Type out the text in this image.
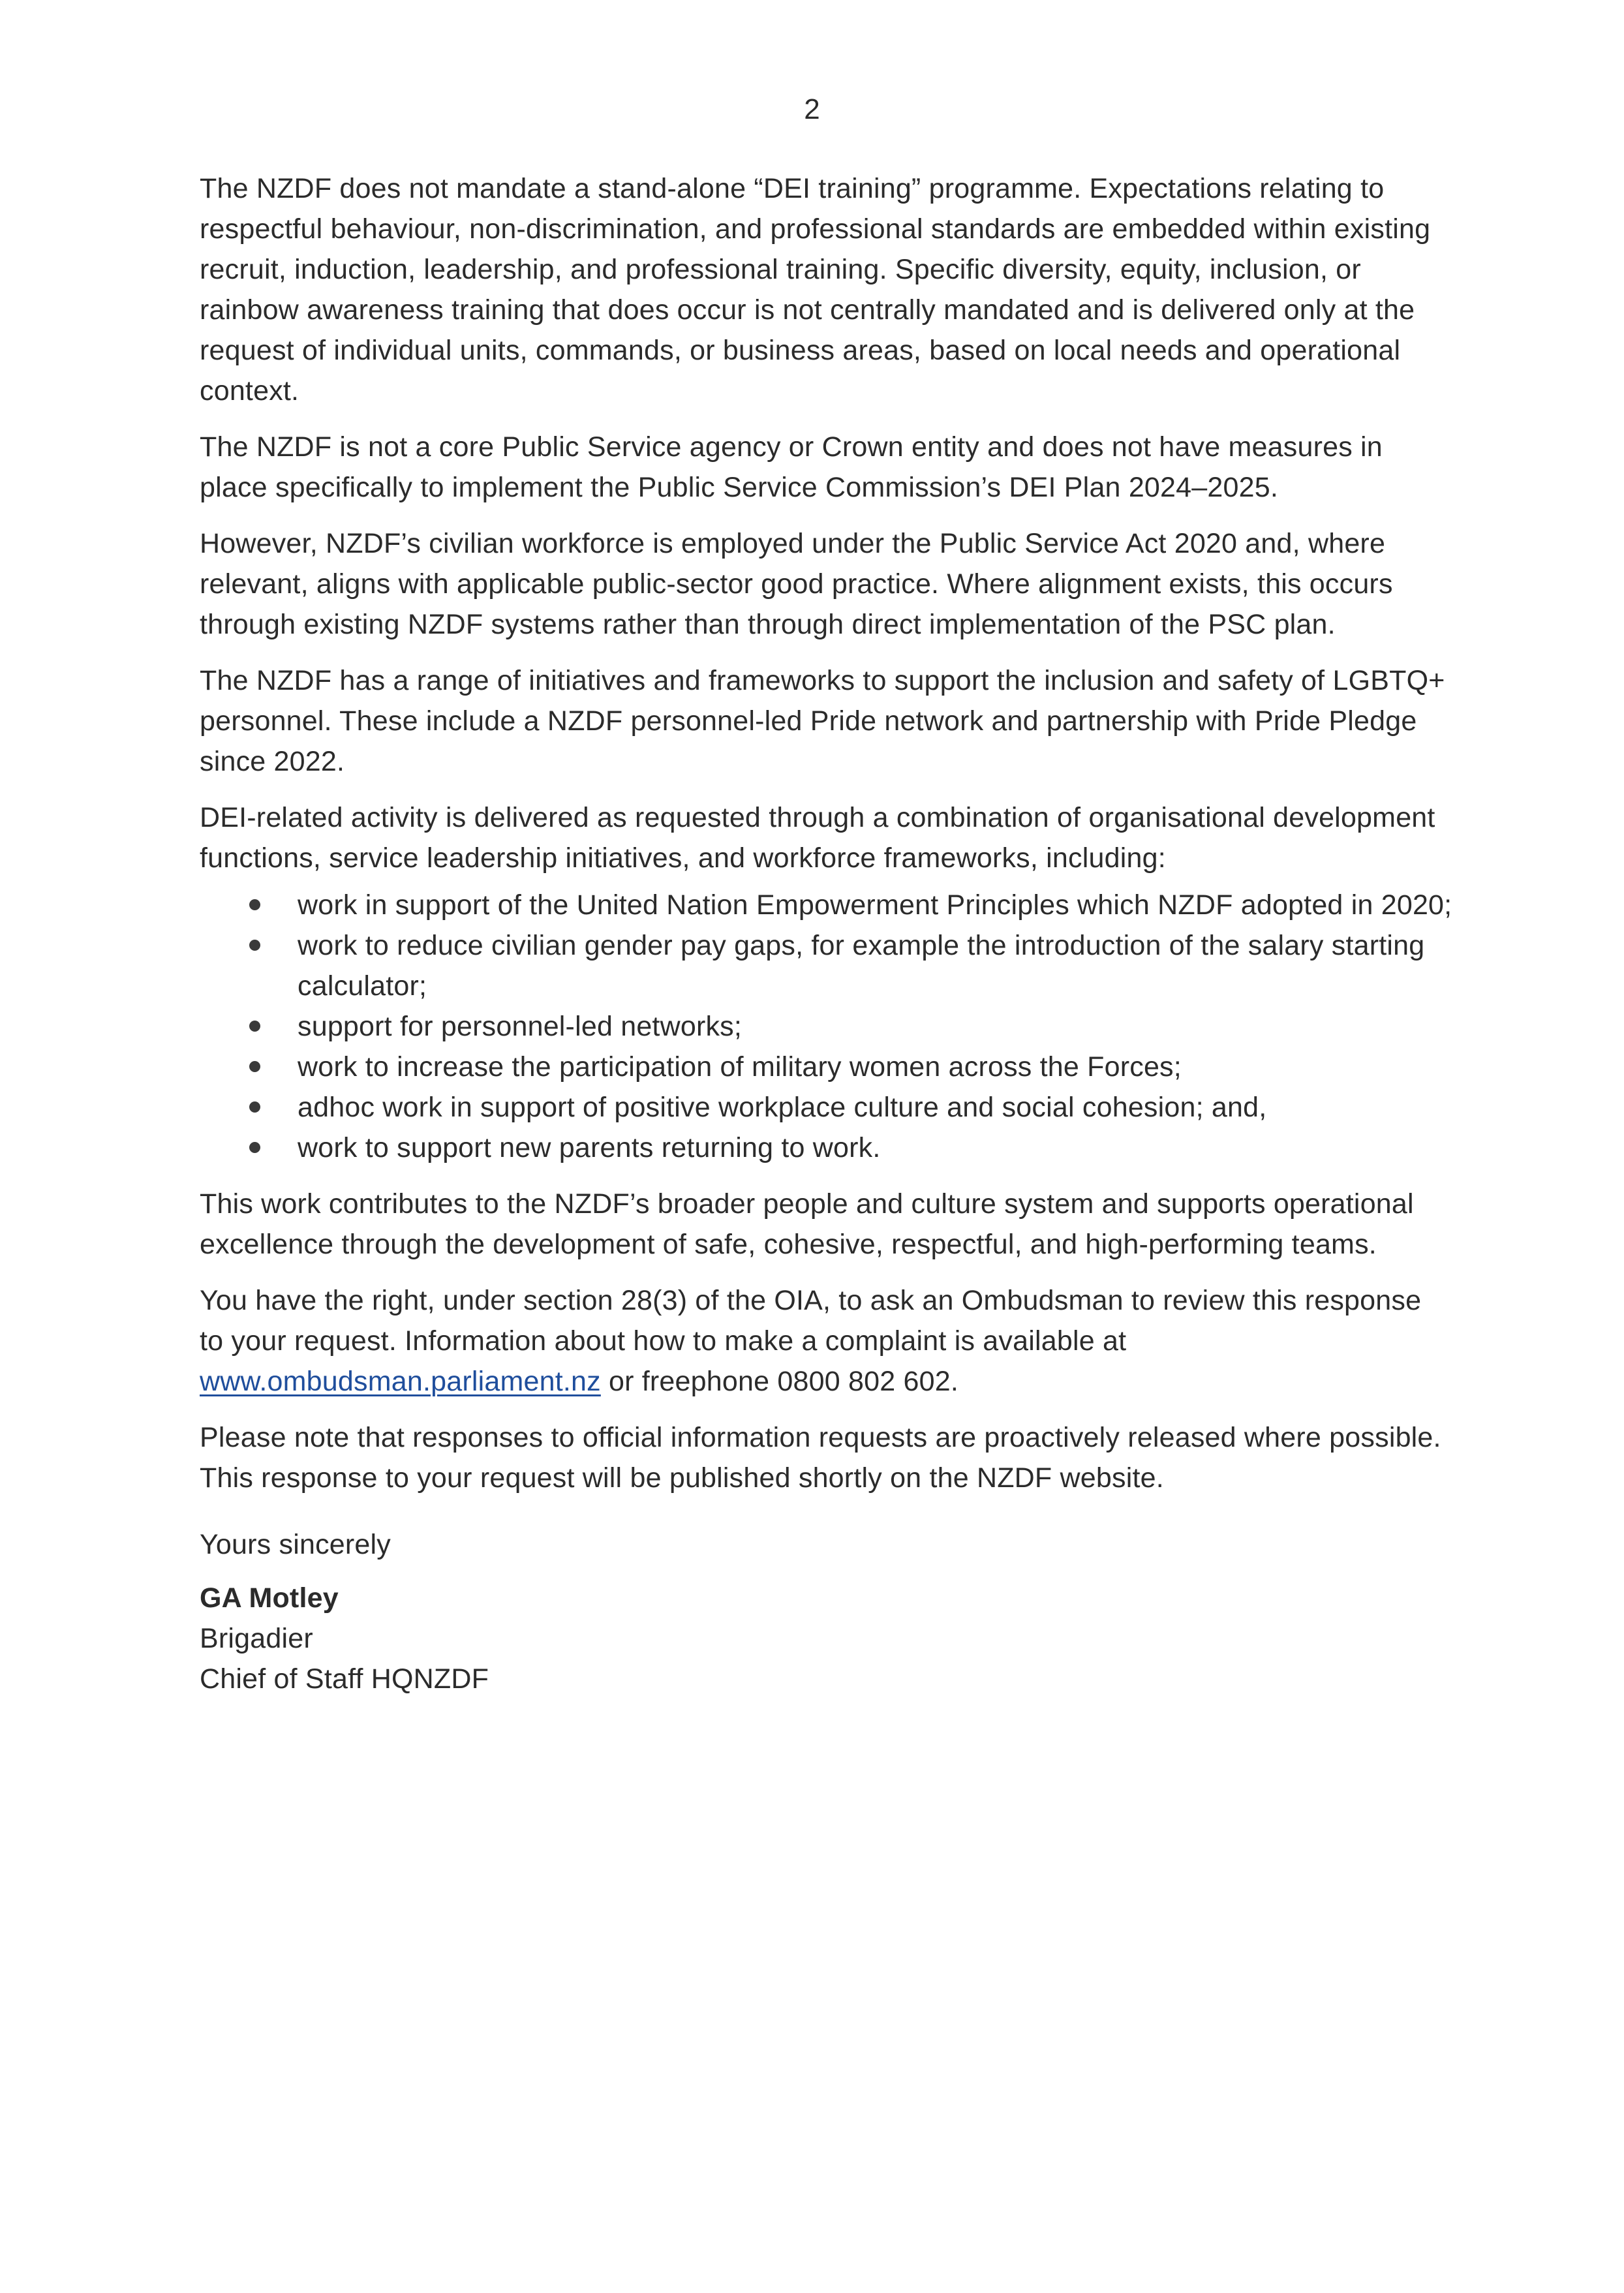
2

The NZDF does not mandate a stand-alone “DEI training” programme. Expectations relating to respectful behaviour, non-discrimination, and professional standards are embedded within existing recruit, induction, leadership, and professional training. Specific diversity, equity, inclusion, or rainbow awareness training that does occur is not centrally mandated and is delivered only at the request of individual units, commands, or business areas, based on local needs and operational context.

The NZDF is not a core Public Service agency or Crown entity and does not have measures in place specifically to implement the Public Service Commission’s DEI Plan 2024–2025.

However, NZDF’s civilian workforce is employed under the Public Service Act 2020 and, where relevant, aligns with applicable public-sector good practice. Where alignment exists, this occurs through existing NZDF systems rather than through direct implementation of the PSC plan.

The NZDF has a range of initiatives and frameworks to support the inclusion and safety of LGBTQ+ personnel. These include a NZDF personnel-led Pride network and partnership with Pride Pledge since 2022.

DEI-related activity is delivered as requested through a combination of organisational development functions, service leadership initiatives, and workforce frameworks, including:

work in support of the United Nation Empowerment Principles which NZDF adopted in 2020;
work to reduce civilian gender pay gaps, for example the introduction of the salary starting calculator;
support for personnel-led networks;
work to increase the participation of military women across the Forces;
adhoc work in support of positive workplace culture and social cohesion; and,
work to support new parents returning to work.

This work contributes to the NZDF’s broader people and culture system and supports operational excellence through the development of safe, cohesive, respectful, and high-performing teams.

You have the right, under section 28(3) of the OIA, to ask an Ombudsman to review this response to your request. Information about how to make a complaint is available at www.ombudsman.parliament.nz or freephone 0800 802 602.

Please note that responses to official information requests are proactively released where possible. This response to your request will be published shortly on the NZDF website.

Yours sincerely

GA Motley

Brigadier

Chief of Staff HQNZDF
